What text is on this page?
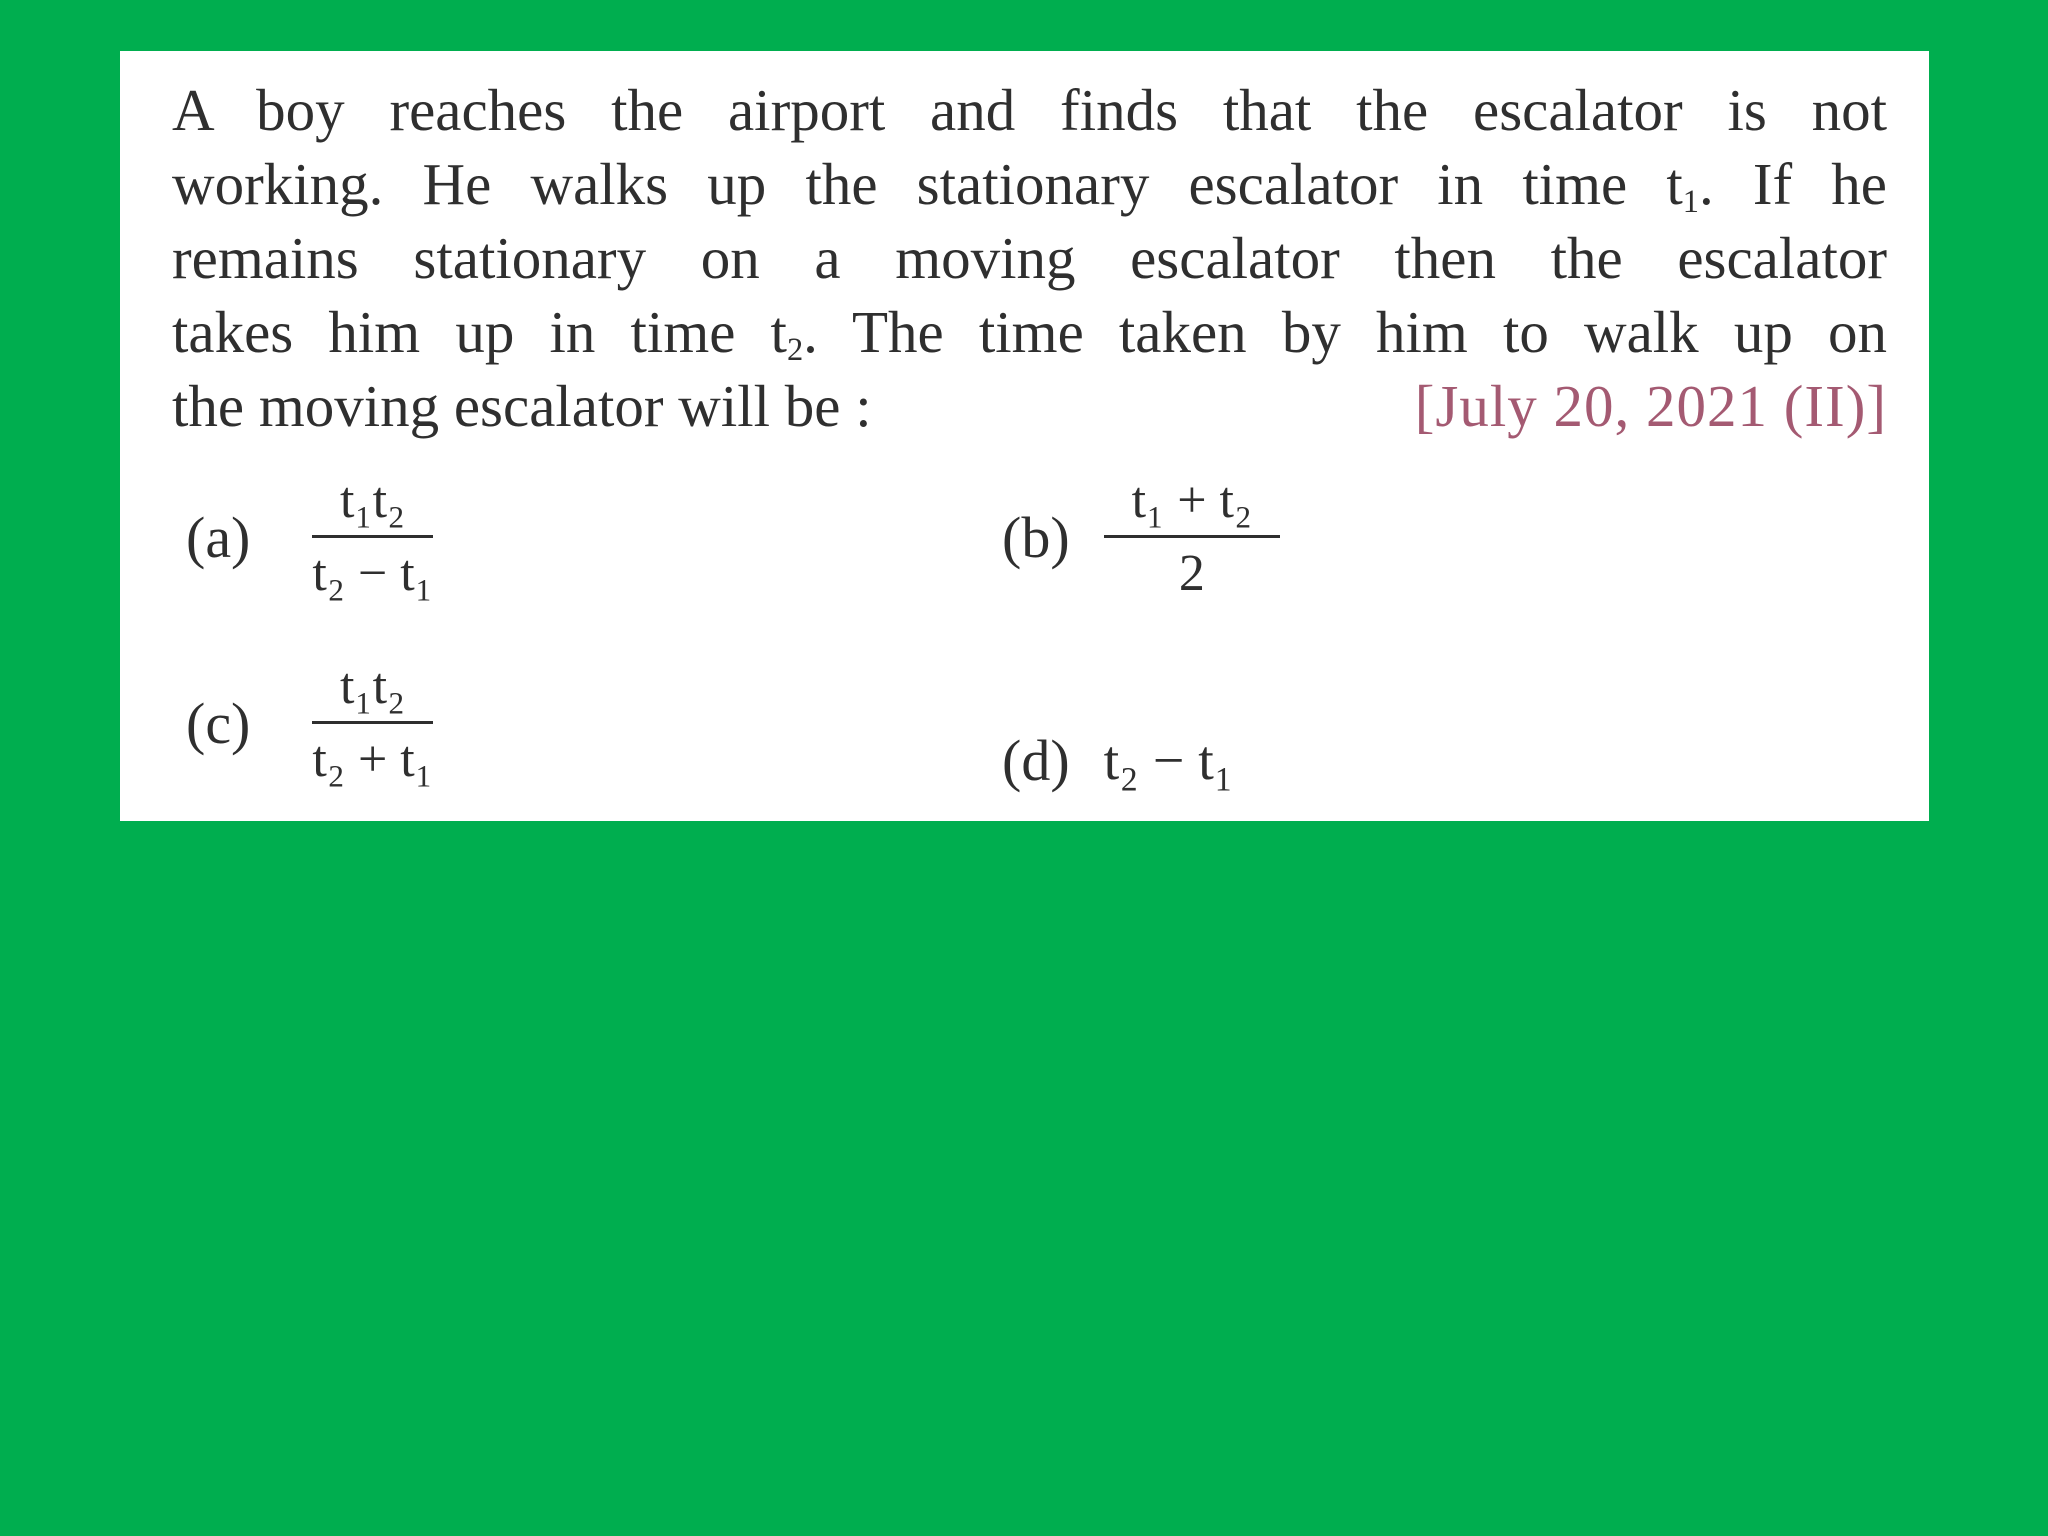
A boy reaches the airport and finds that the escalator is not
working. He walks up the stationary escalator in time $t_1$. If he
remains stationary on a moving escalator then the escalator
takes him up in time $t_2$. The time taken by him to walk up on
the moving escalator will be :	[July 20, 2021 (II)]
$(a) \frac{\text{t₁t₂}}{\text{t₂ − t₁}}$	$(b) \frac{\text{t₁ + t₂}}{2}$
$(c) \frac{\text{t₁t₂}}{\text{t₂ + t₁}}$	(d) t₂ − t₁
